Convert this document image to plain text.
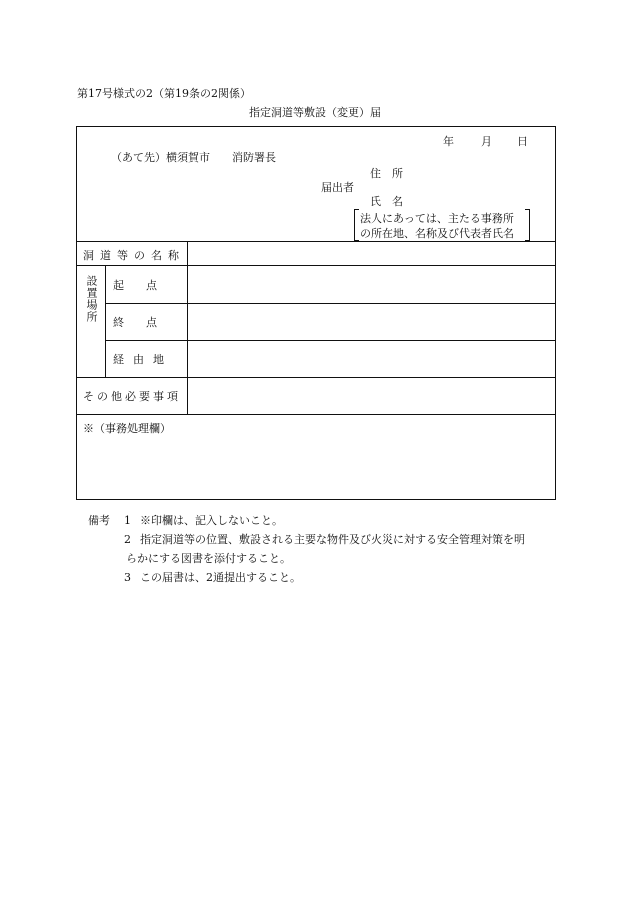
第17号様式の2（第19条の2関係）
指定洞道等敷設（変更）届
年 月 日
（あて先）横須賀市　　消防署長
住　所
届出者
氏　名
法人にあっては、主たる事務所
の所在地、名称及び代表者氏名
洞道等の名称
設置場所 起　　点
終　　点
経由地
その他必要事項
※（事務処理欄）
備考 1 ※印欄は、記入しないこと。
2 指定洞道等の位置、敷設される主要な物件及び火災に対する安全管理対策を明
らかにする図書を添付すること。
3 この届書は、2通提出すること。
